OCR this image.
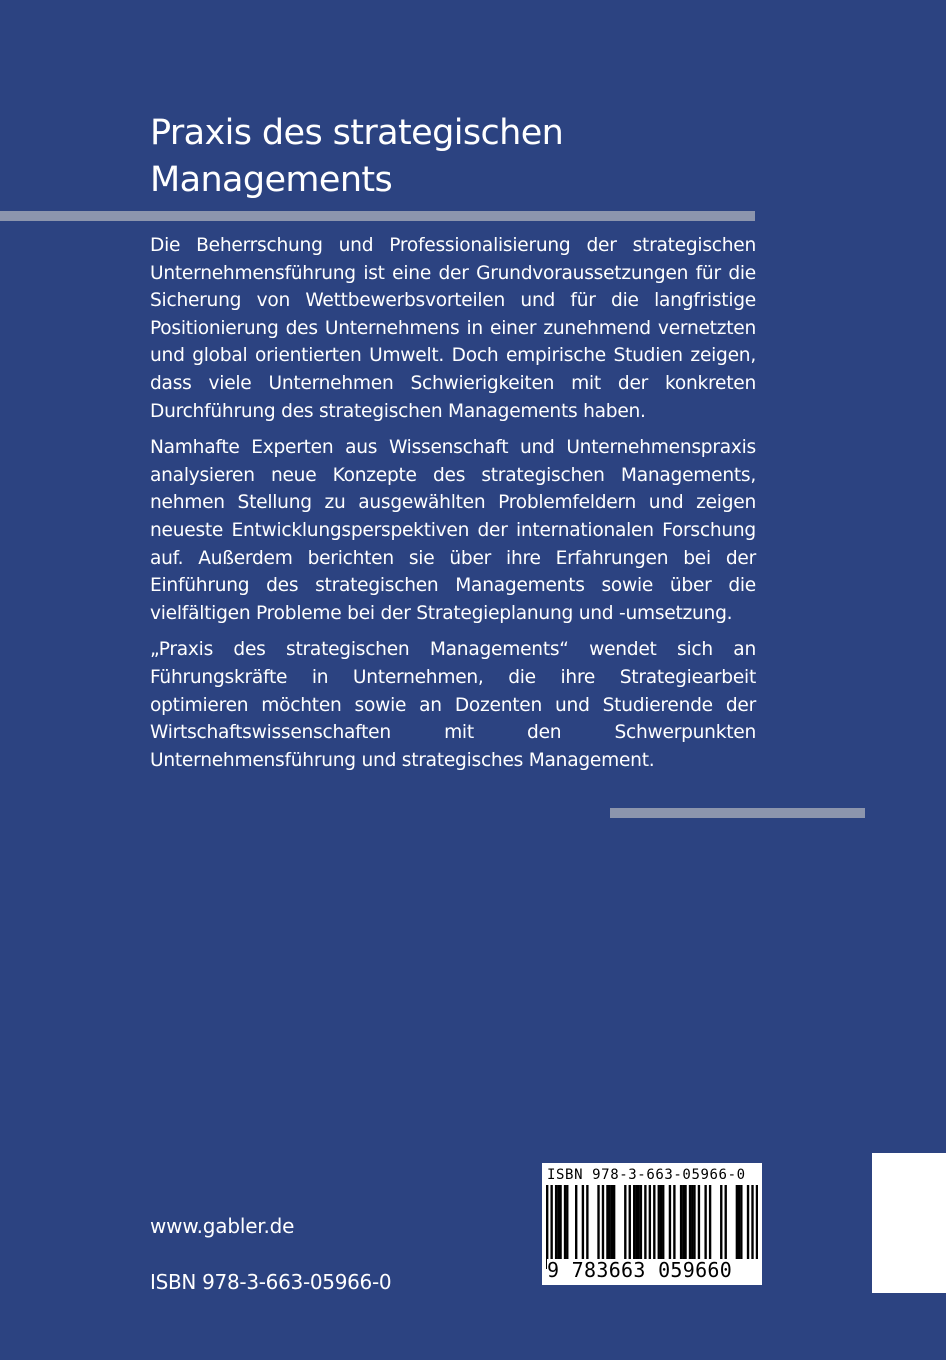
Praxis des strategischen
Managements

Die Beherrschung und Professionalisierung der strategischen Unternehmensführung ist eine der Grundvoraussetzungen für die Sicherung von Wettbewerbsvorteilen und für die langfristige Positionierung des Unternehmens in einer zunehmend vernetzten und global orientierten Umwelt. Doch empirische Studien zeigen, dass viele Unternehmen Schwierigkeiten mit der konkreten Durchführung des strategischen Managements haben.

Namhafte Experten aus Wissenschaft und Unternehmenspraxis analysieren neue Konzepte des strategischen Managements, nehmen Stellung zu ausgewählten Problemfeldern und zeigen neueste Entwicklungsperspektiven der internationalen Forschung auf. Außerdem berichten sie über ihre Erfahrungen bei der Einführung des strategischen Managements sowie über die vielfältigen Probleme bei der Strategieplanung und -umsetzung.

„Praxis des strategischen Managements“ wendet sich an Führungskräfte in Unternehmen, die ihre Strategiearbeit optimieren möchten sowie an Dozenten und Studierende der Wirtschaftswissenschaften mit den Schwerpunkten Unternehmensführung und strategisches Management.

www.gabler.de
ISBN 978-3-663-05966-0
ISBN 978-3-663-05966-0
9 783663 059660
